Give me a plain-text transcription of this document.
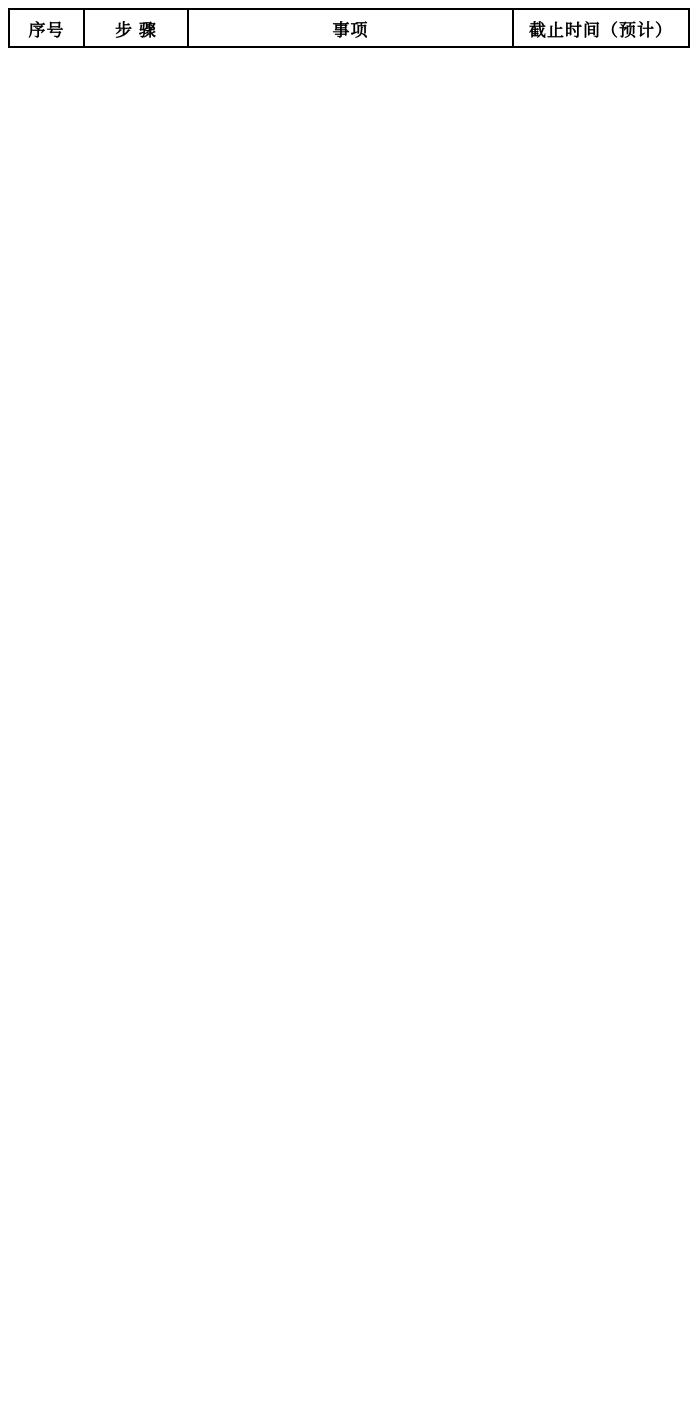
序号	步 骤	事项	截止时间（预计）
